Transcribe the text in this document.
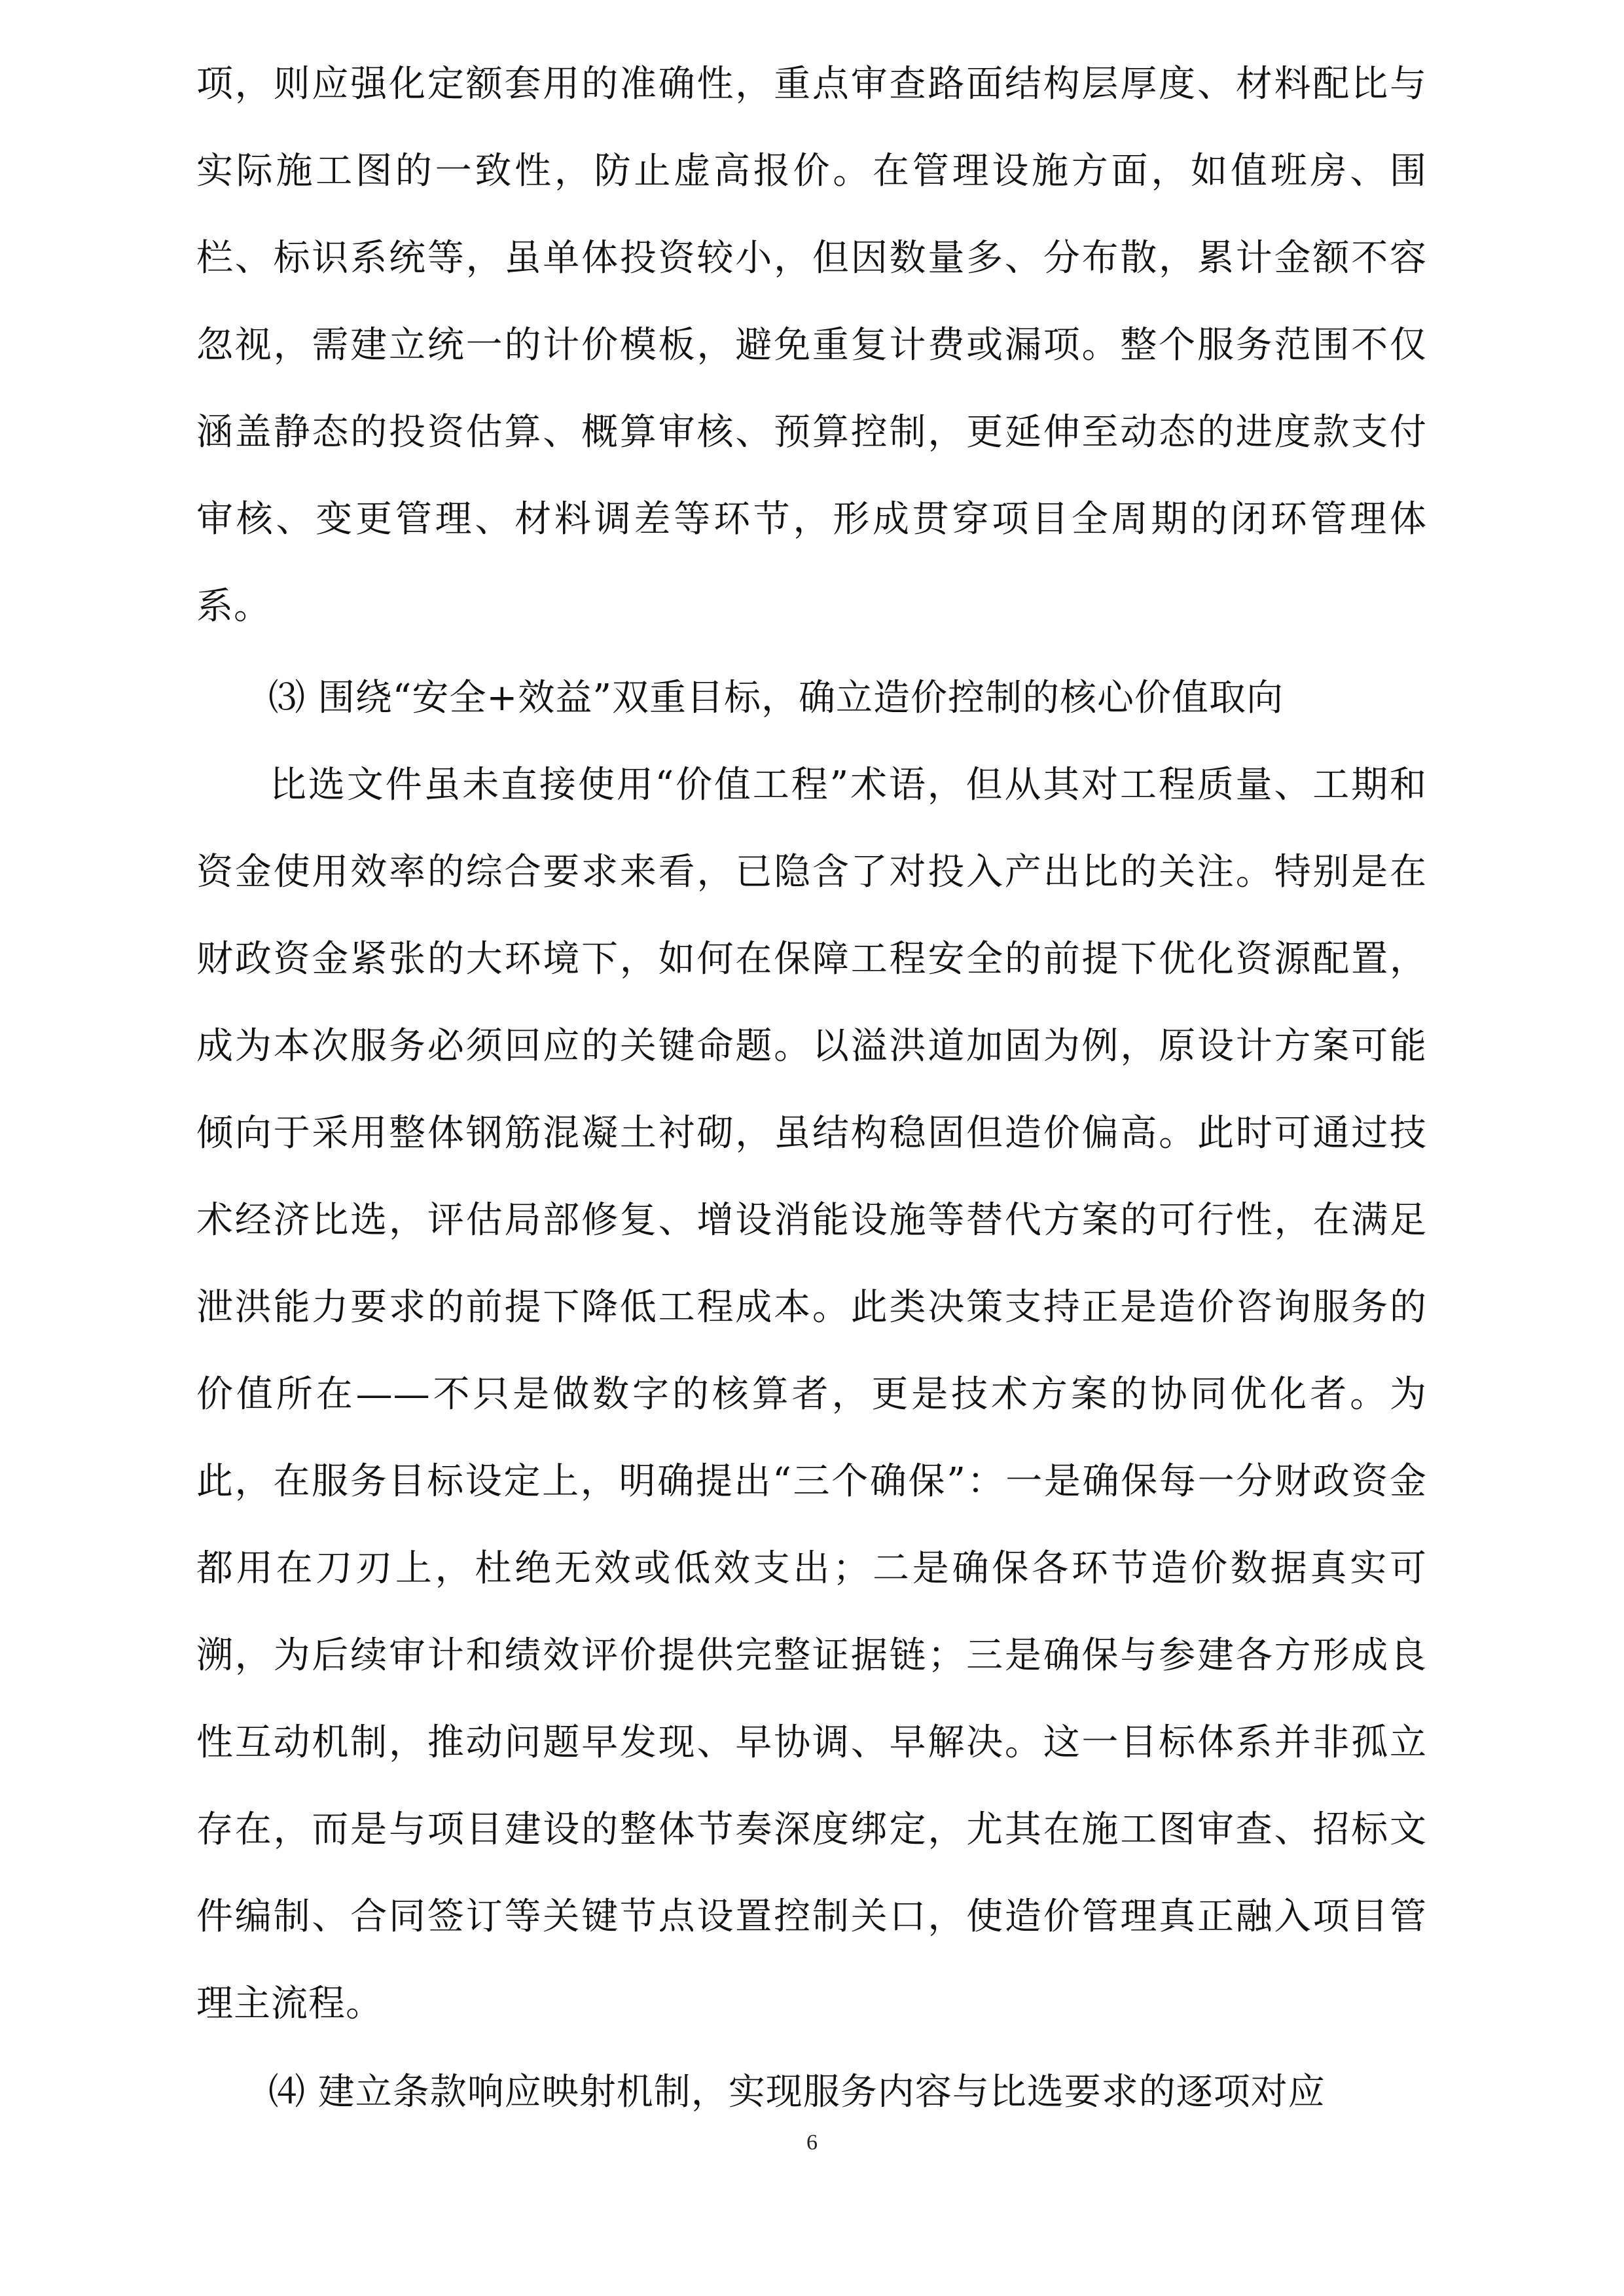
项，则应强化定额套用的准确性，重点审查路面结构层厚度、材料配比与实际施工图的一致性，防止虚高报价。在管理设施方面，如值班房、围栏、标识系统等，虽单体投资较小，但因数量多、分布散，累计金额不容忽视，需建立统一的计价模板，避免重复计费或漏项。整个服务范围不仅涵盖静态的投资估算、概算审核、预算控制，更延伸至动态的进度款支付审核、变更管理、材料调差等环节，形成贯穿项目全周期的闭环管理体系。

⑶ 围绕“安全+效益”双重目标，确立造价控制的核心价值取向

比选文件虽未直接使用“价值工程”术语，但从其对工程质量、工期和资金使用效率的综合要求来看，已隐含了对投入产出比的关注。特别是在财政资金紧张的大环境下，如何在保障工程安全的前提下优化资源配置，成为本次服务必须回应的关键命题。以溢洪道加固为例，原设计方案可能倾向于采用整体钢筋混凝土衬砌，虽结构稳固但造价偏高。此时可通过技术经济比选，评估局部修复、增设消能设施等替代方案的可行性，在满足泄洪能力要求的前提下降低工程成本。此类决策支持正是造价咨询服务的价值所在——不只是做数字的核算者，更是技术方案的协同优化者。为此，在服务目标设定上，明确提出“三个确保”：一是确保每一分财政资金都用在刀刃上，杜绝无效或低效支出；二是确保各环节造价数据真实可溯，为后续审计和绩效评价提供完整证据链；三是确保与参建各方形成良性互动机制，推动问题早发现、早协调、早解决。这一目标体系并非孤立存在，而是与项目建设的整体节奏深度绑定，尤其在施工图审查、招标文件编制、合同签订等关键节点设置控制关口，使造价管理真正融入项目管理主流程。

⑷ 建立条款响应映射机制，实现服务内容与比选要求的逐项对应

6
